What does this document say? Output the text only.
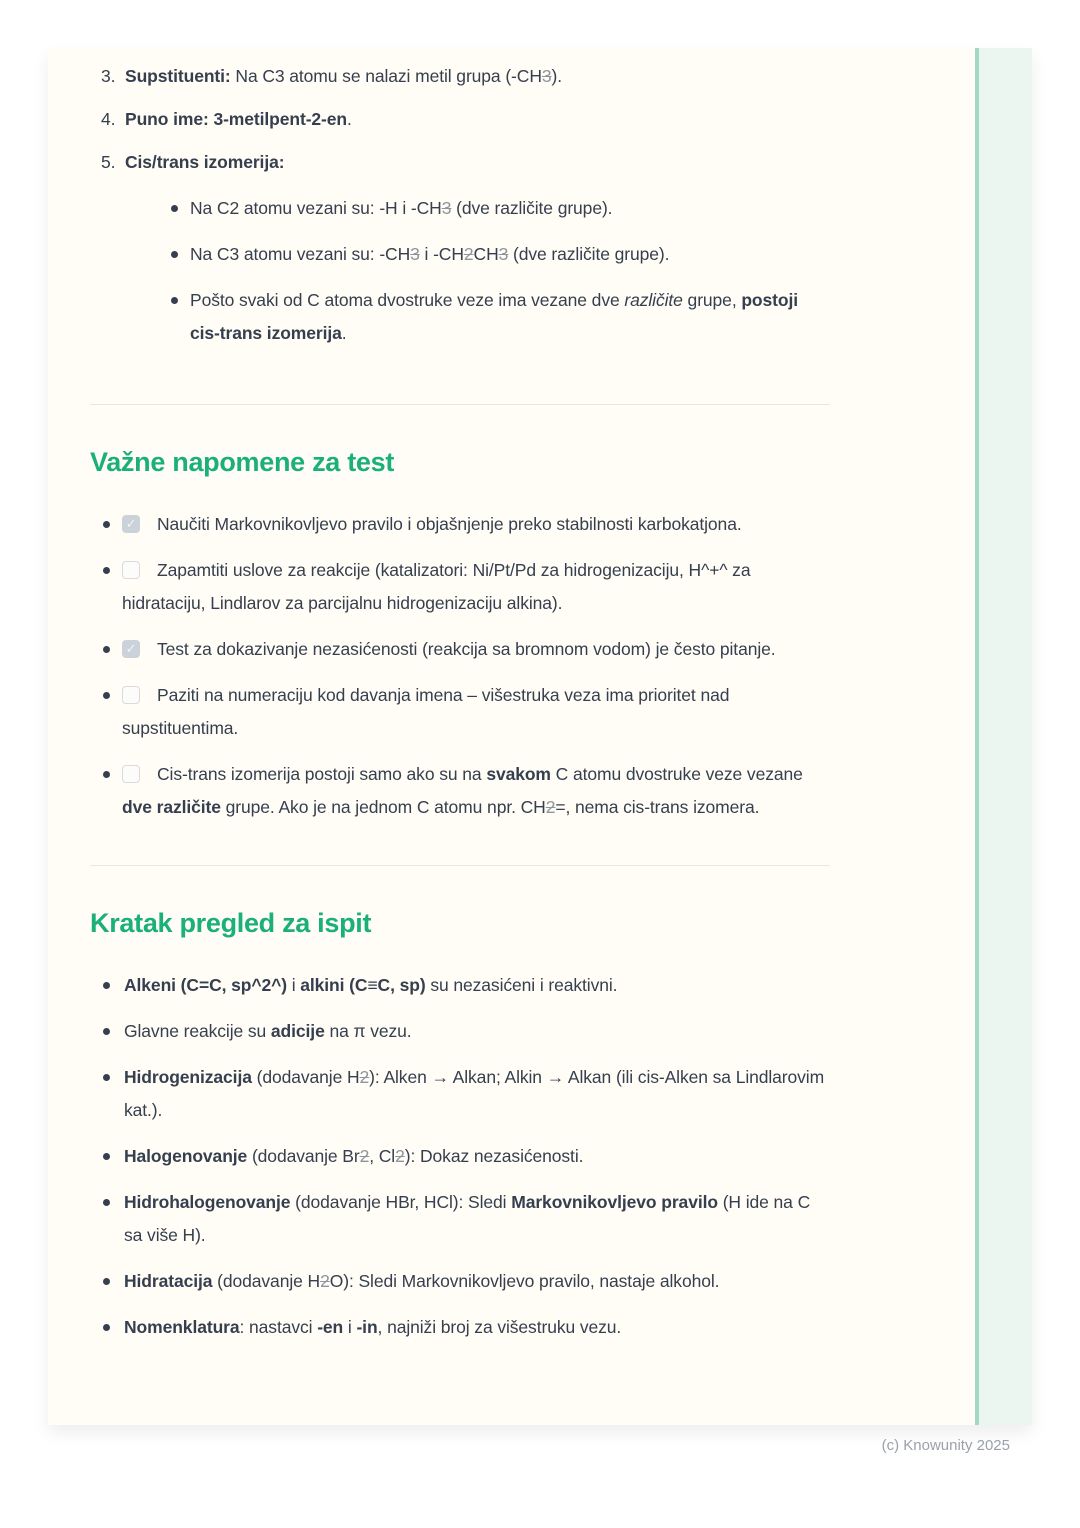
3. Supstituenti: Na C3 atomu se nalazi metil grupa (-CH3).
4. Puno ime: 3-metilpent-2-en.
5. Cis/trans izomerija:
Na C2 atomu vezani su: -H i -CH3 (dve različite grupe).
Na C3 atomu vezani su: -CH3 i -CH2CH3 (dve različite grupe).
Pošto svaki od C atoma dvostruke veze ima vezane dve različite grupe, postoji cis-trans izomerija.
Važne napomene za test
✓Naučiti Markovnikovljevo pravilo i objašnjenje preko stabilnosti karbokatjona.
Zapamtiti uslove za reakcije (katalizatori: Ni/Pt/Pd za hidrogenizaciju, H^+^ za hidrataciju, Lindlarov za parcijalnu hidrogenizaciju alkina).
✓Test za dokazivanje nezasićenosti (reakcija sa bromnom vodom) je često pitanje.
Paziti na numeraciju kod davanja imena – višestruka veza ima prioritet nad supstituentima.
Cis-trans izomerija postoji samo ako su na svakom C atomu dvostruke veze vezane dve različite grupe. Ako je na jednom C atomu npr. CH2=, nema cis-trans izomera.
Kratak pregled za ispit
Alkeni (C=C, sp^2^) i alkini (C≡C, sp) su nezasićeni i reaktivni.
Glavne reakcije su adicije na π vezu.
Hidrogenizacija (dodavanje H2): Alken → Alkan; Alkin → Alkan (ili cis-Alken sa Lindlarovim kat.).
Halogenovanje (dodavanje Br2, Cl2): Dokaz nezasićenosti.
Hidrohalogenovanje (dodavanje HBr, HCl): Sledi Markovnikovljevo pravilo (H ide na C sa više H).
Hidratacija (dodavanje H2O): Sledi Markovnikovljevo pravilo, nastaje alkohol.
Nomenklatura: nastavci -en i -in, najniži broj za višestruku vezu.
(c) Knowunity 2025
